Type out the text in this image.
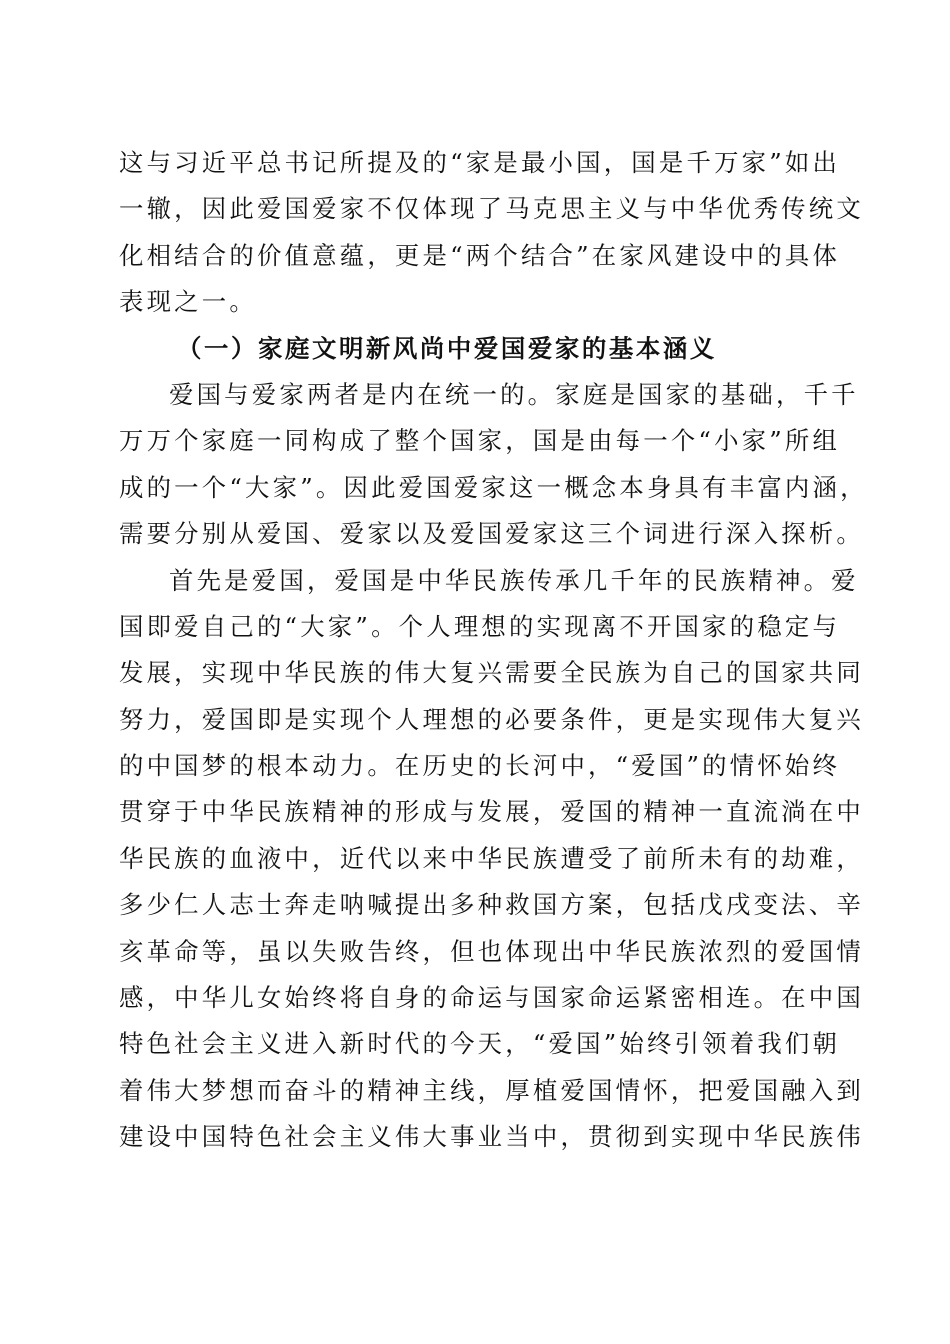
这与习近平总书记所提及的“家是最小国，国是千万家”如出
一辙，因此爱国爱家不仅体现了马克思主义与中华优秀传统文
化相结合的价值意蕴，更是“两个结合”在家风建设中的具体
表现之一。
（一）家庭文明新风尚中爱国爱家的基本涵义
爱国与爱家两者是内在统一的。家庭是国家的基础，千千
万万个家庭一同构成了整个国家，国是由每一个“小家”所组
成的一个“大家”。因此爱国爱家这一概念本身具有丰富内涵，
需要分别从爱国、爱家以及爱国爱家这三个词进行深入探析。
首先是爱国，爱国是中华民族传承几千年的民族精神。爱
国即爱自己的“大家”。个人理想的实现离不开国家的稳定与
发展，实现中华民族的伟大复兴需要全民族为自己的国家共同
努力，爱国即是实现个人理想的必要条件，更是实现伟大复兴
的中国梦的根本动力。在历史的长河中，“爱国”的情怀始终
贯穿于中华民族精神的形成与发展，爱国的精神一直流淌在中
华民族的血液中，近代以来中华民族遭受了前所未有的劫难，
多少仁人志士奔走呐喊提出多种救国方案，包括戊戌变法、辛
亥革命等，虽以失败告终，但也体现出中华民族浓烈的爱国情
感，中华儿女始终将自身的命运与国家命运紧密相连。在中国
特色社会主义进入新时代的今天，“爱国”始终引领着我们朝
着伟大梦想而奋斗的精神主线，厚植爱国情怀，把爱国融入到
建设中国特色社会主义伟大事业当中，贯彻到实现中华民族伟
